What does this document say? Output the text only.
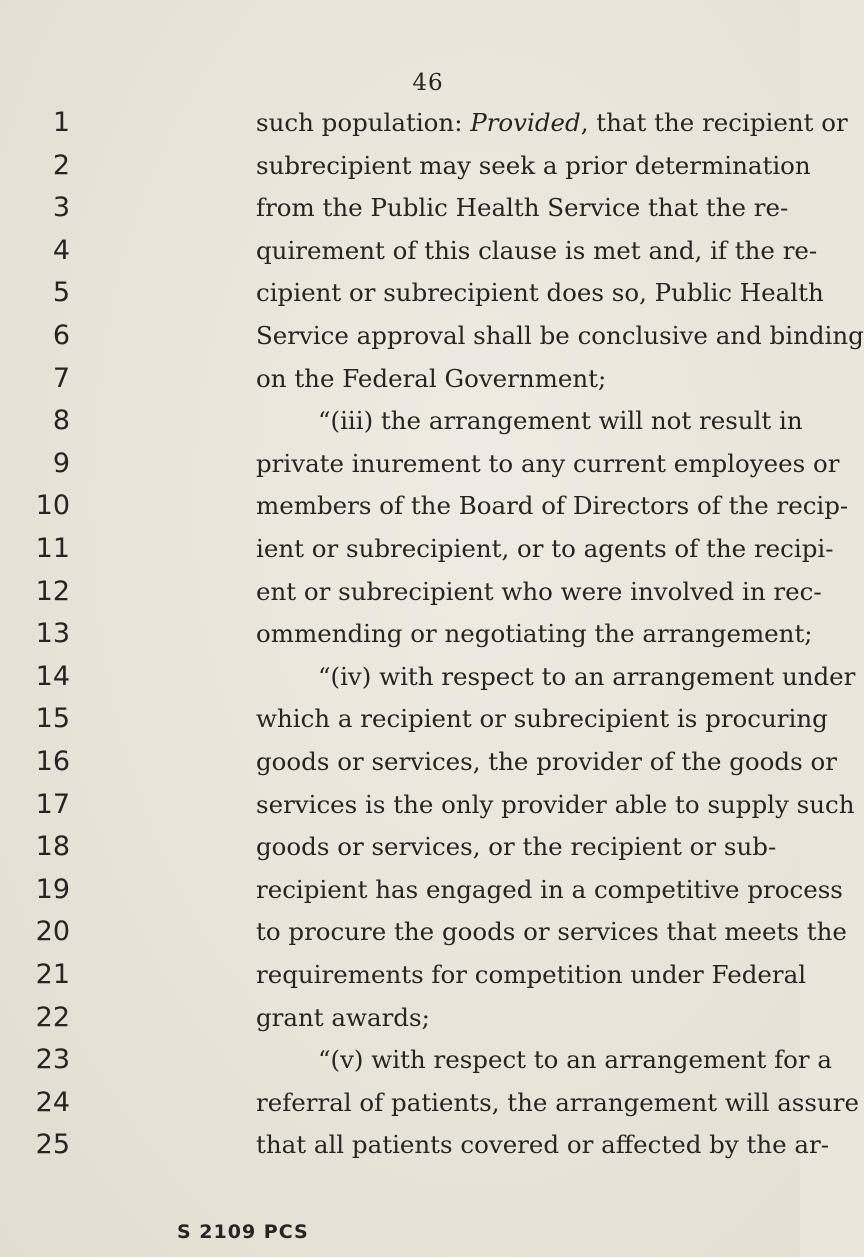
46
1
2
3
4
5
6
7
8
9
10
11
12
13
14
15
16
17
18
19
20
21
22
23
24
25
such population: Provided, that the recipient or
subrecipient may seek a prior determination
from the Public Health Service that the re-
quirement of this clause is met and, if the re-
cipient or subrecipient does so, Public Health
Service approval shall be conclusive and binding
on the Federal Government;
“(iii) the arrangement will not result in
private inurement to any current employees or
members of the Board of Directors of the recip-
ient or subrecipient, or to agents of the recipi-
ent or subrecipient who were involved in rec-
ommending or negotiating the arrangement;
“(iv) with respect to an arrangement under
which a recipient or subrecipient is procuring
goods or services, the provider of the goods or
services is the only provider able to supply such
goods or services, or the recipient or sub-
recipient has engaged in a competitive process
to procure the goods or services that meets the
requirements for competition under Federal
grant awards;
“(v) with respect to an arrangement for a
referral of patients, the arrangement will assure
that all patients covered or affected by the ar-
S 2109 PCS
